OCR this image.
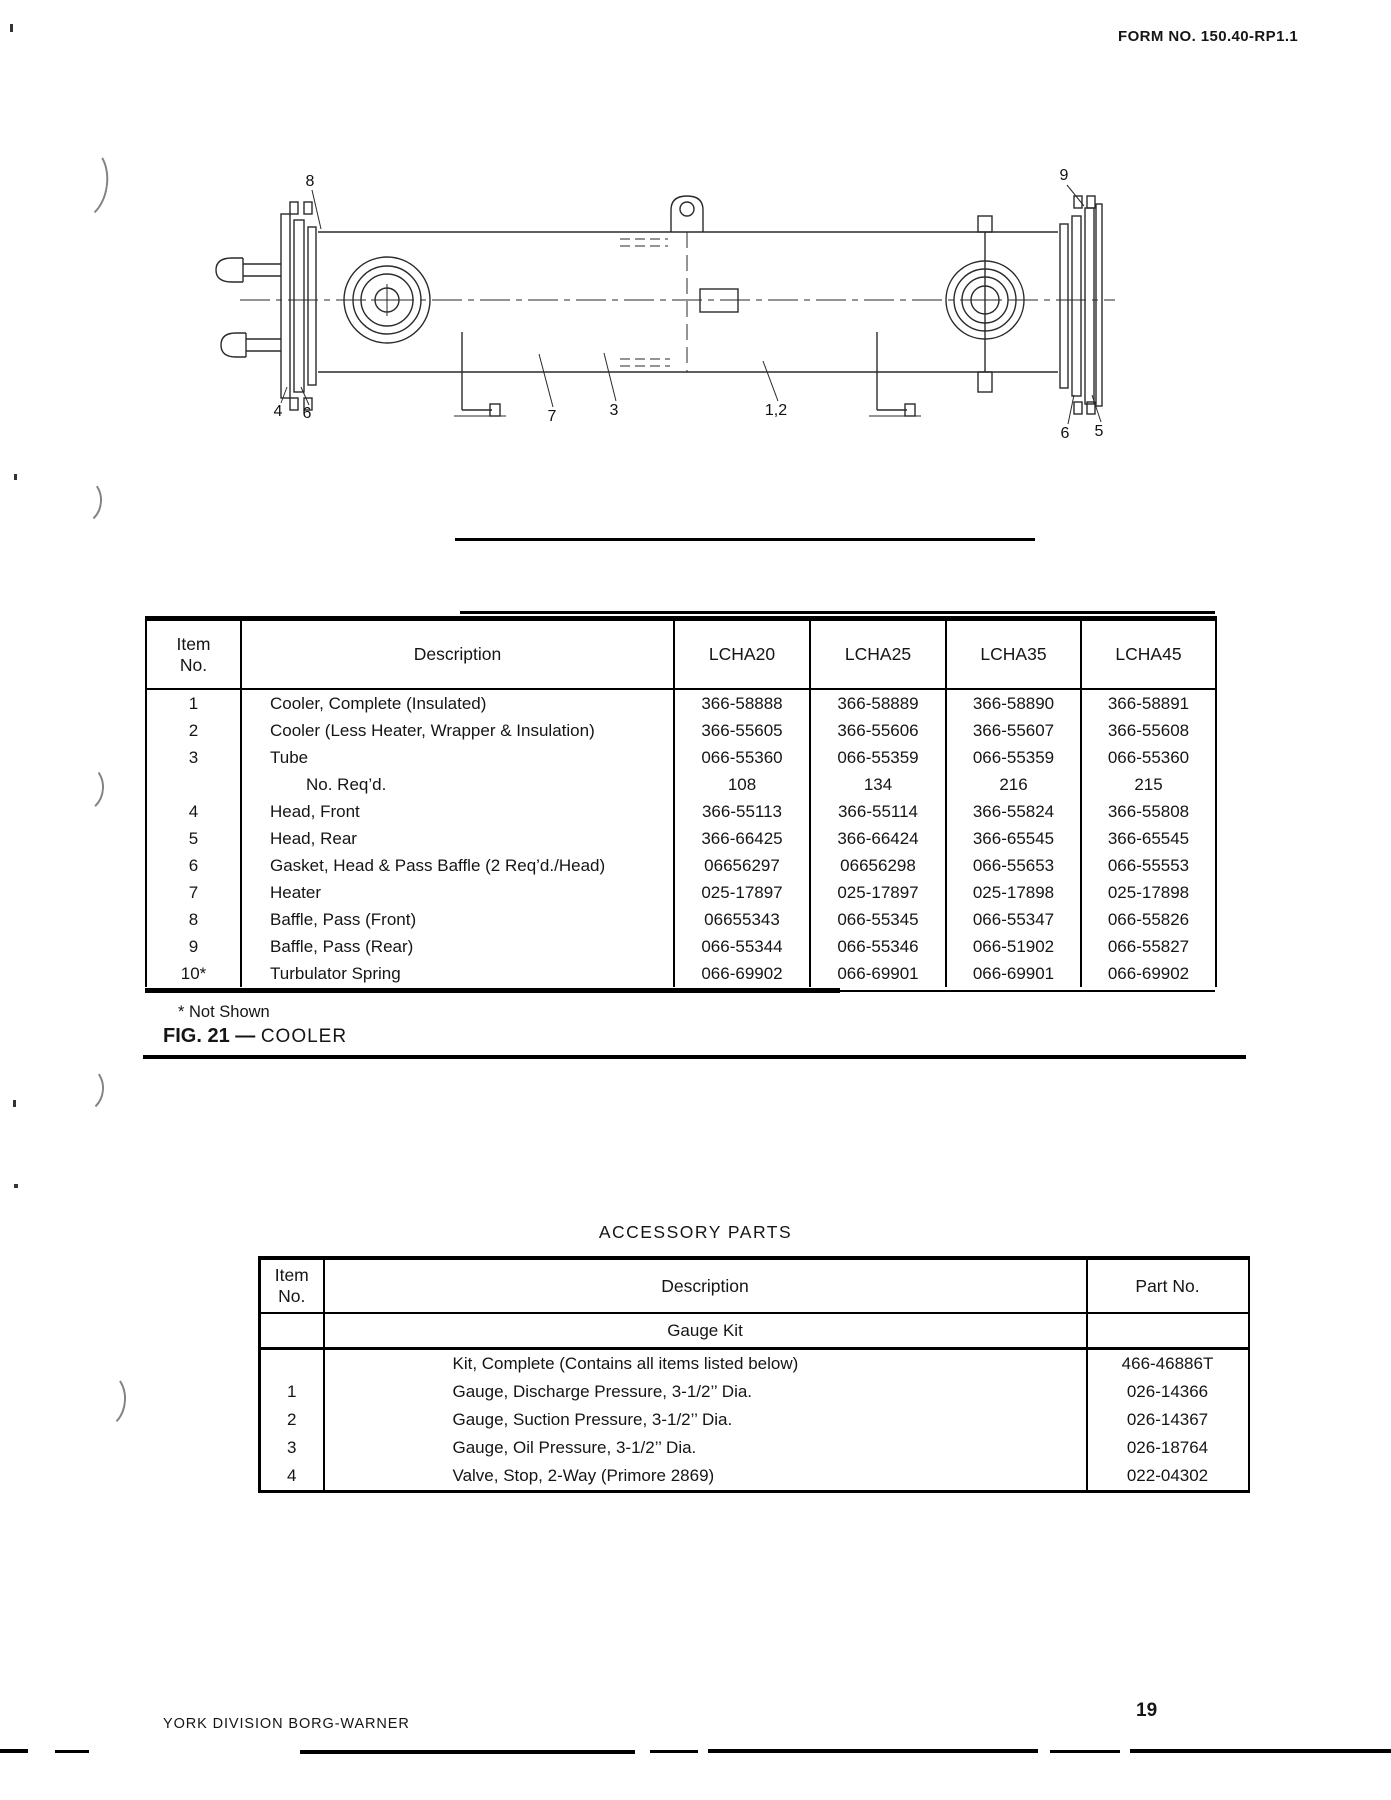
FORM NO. 150.40-RP1.1
8	9
4 6	7	3	1,2
6 5
Item
No.	Description	LCHA20	LCHA25	LCHA35	LCHA45
1	Cooler, Complete (Insulated)	366-58888	366-58889	366-58890	366-58891
2	Cooler (Less Heater, Wrapper & Insulation)	366-55605	366-55606	366-55607	366-55608
3	Tube	066-55360	066-55359	066-55359	066-55360
	No. Req’d.	108	134	216	215
4	Head, Front	366-55113	366-55114	366-55824	366-55808
5	Head, Rear	366-66425	366-66424	366-65545	366-65545
6	Gasket, Head & Pass Baffle (2 Req’d./Head)	06656297	06656298	066-55653	066-55553
7	Heater	025-17897	025-17897	025-17898	025-17898
8	Baffle, Pass (Front)	06655343	066-55345	066-55347	066-55826
9	Baffle, Pass (Rear)	066-55344	066-55346	066-51902	066-55827
10*	Turbulator Spring	066-69902	066-69901	066-69901	066-69902
* Not Shown
FIG. 21 — COOLER
ACCESSORY PARTS
Item
No.	Description	Part No.
	Gauge Kit	
	Kit, Complete (Contains all items listed below)	466-46886T
1	Gauge, Discharge Pressure, 3-1/2’’ Dia.	026-14366
2	Gauge, Suction Pressure, 3-1/2’’ Dia.	026-14367
3	Gauge, Oil Pressure, 3-1/2’’ Dia.	026-18764
4	Valve, Stop, 2-Way (Primore 2869)	022-04302
YORK DIVISION BORG-WARNER
19
